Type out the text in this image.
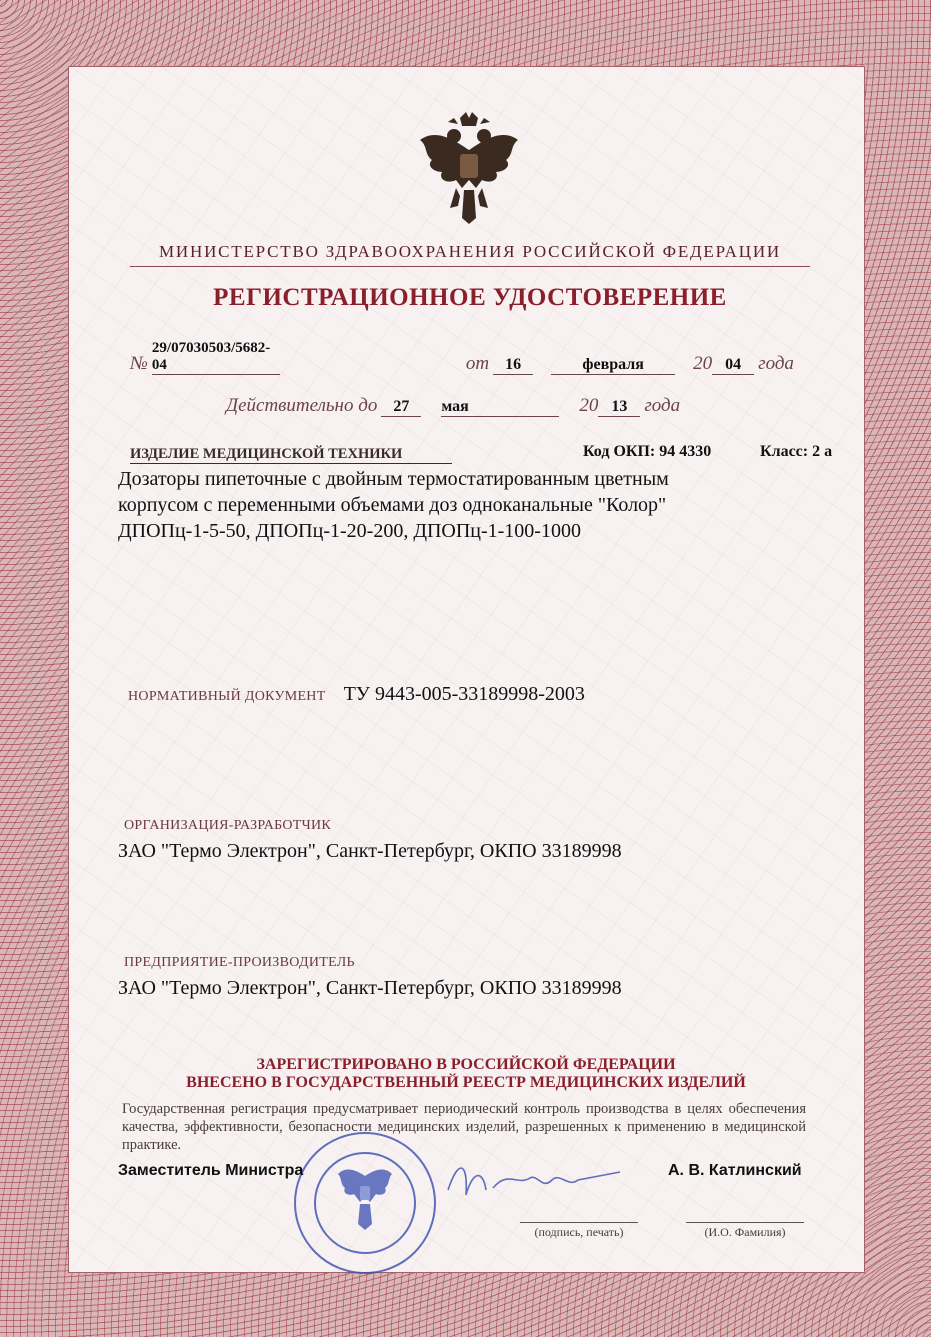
МИНИСТЕРСТВО ЗДРАВООХРАНЕНИЯ РОССИЙСКОЙ ФЕДЕРАЦИИ
РЕГИСТРАЦИОННОЕ УДОСТОВЕРЕНИЕ
№ 29/07030503/5682-04	от 16	февраля	20 04 года
Действительно до 27 мая	20 13 года
ИЗДЕЛИЕ МЕДИЦИНСКОЙ ТЕХНИКИ	Код ОКП: 94 4330	Класс: 2 а
Дозаторы пипеточные с двойным термостатированным цветным
корпусом с переменными объемами доз одноканальные "Колор"
ДПОПц-1-5-50, ДПОПц-1-20-200, ДПОПц-1-100-1000
НОРМАТИВНЫЙ ДОКУМЕНТ ТУ 9443-005-33189998-2003
ОРГАНИЗАЦИЯ-РАЗРАБОТЧИК
ЗАО "Термо Электрон", Санкт-Петербург, ОКПО 33189998
ПРЕДПРИЯТИЕ-ПРОИЗВОДИТЕЛЬ
ЗАО "Термо Электрон", Санкт-Петербург, ОКПО 33189998
ЗАРЕГИСТРИРОВАНО В РОССИЙСКОЙ ФЕДЕРАЦИИ
ВНЕСЕНО В ГОСУДАРСТВЕННЫЙ РЕЕСТР МЕДИЦИНСКИХ ИЗДЕЛИЙ
Государственная регистрация предусматривает периодический контроль производства в целях обеспечения качества, эффективности, безопасности медицинских изделий, разрешенных к применению в медицинской практике.
Заместитель Министра	А. В. Катлинский
(подпись, печать)	(И.О. Фамилия)
